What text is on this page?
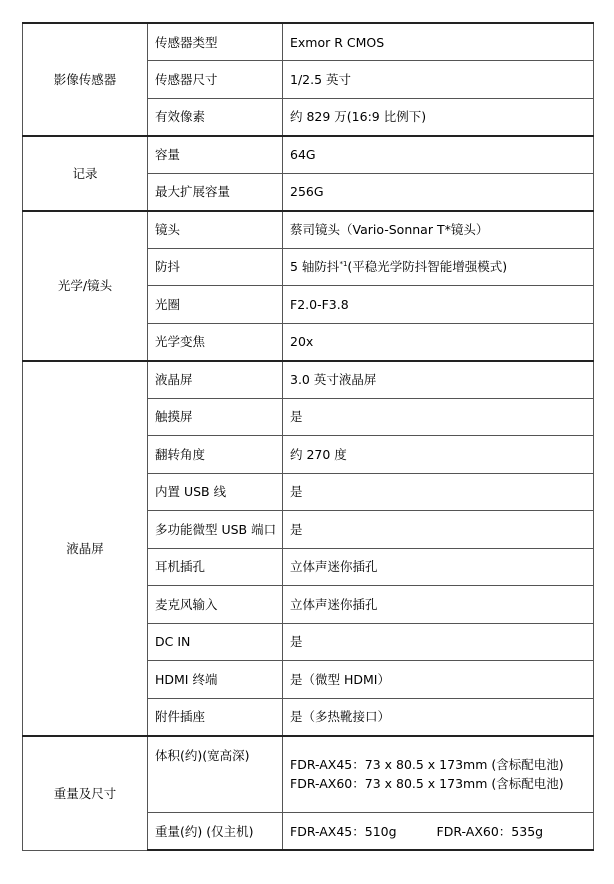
影像传感器	传感器类型	Exmor R CMOS
	传感器尺寸	1/2.5 英寸
	有效像素	约 829 万(16:9 比例下)
记录	容量	64G
	最大扩展容量	256G
光学/镜头	镜头	蔡司镜头（Vario-Sonnar T*镜头）
	防抖	5 轴防抖$^{*1}$(平稳光学防抖智能增强模式)
	光圈	F2.0-F3.8
	光学变焦	20x
液晶屏	液晶屏	3.0 英寸液晶屏
	触摸屏	是
	翻转角度	约 270 度
	内置 USB 线	是
	多功能微型 USB 端口	是
	耳机插孔	立体声迷你插孔
	麦克风输入	立体声迷你插孔
	DC IN	是
	HDMI 终端	是（微型 HDMI）
	附件插座	是（多热靴接口）
重量及尺寸	体积(约)(宽高深)	FDR-AX45：73 x 80.5 x 173mm (含标配电池)
FDR-AX60：73 x 80.5 x 173mm (含标配电池)

	重量(约) (仅主机)	FDR-AX45：510g FDR-AX60：535g
